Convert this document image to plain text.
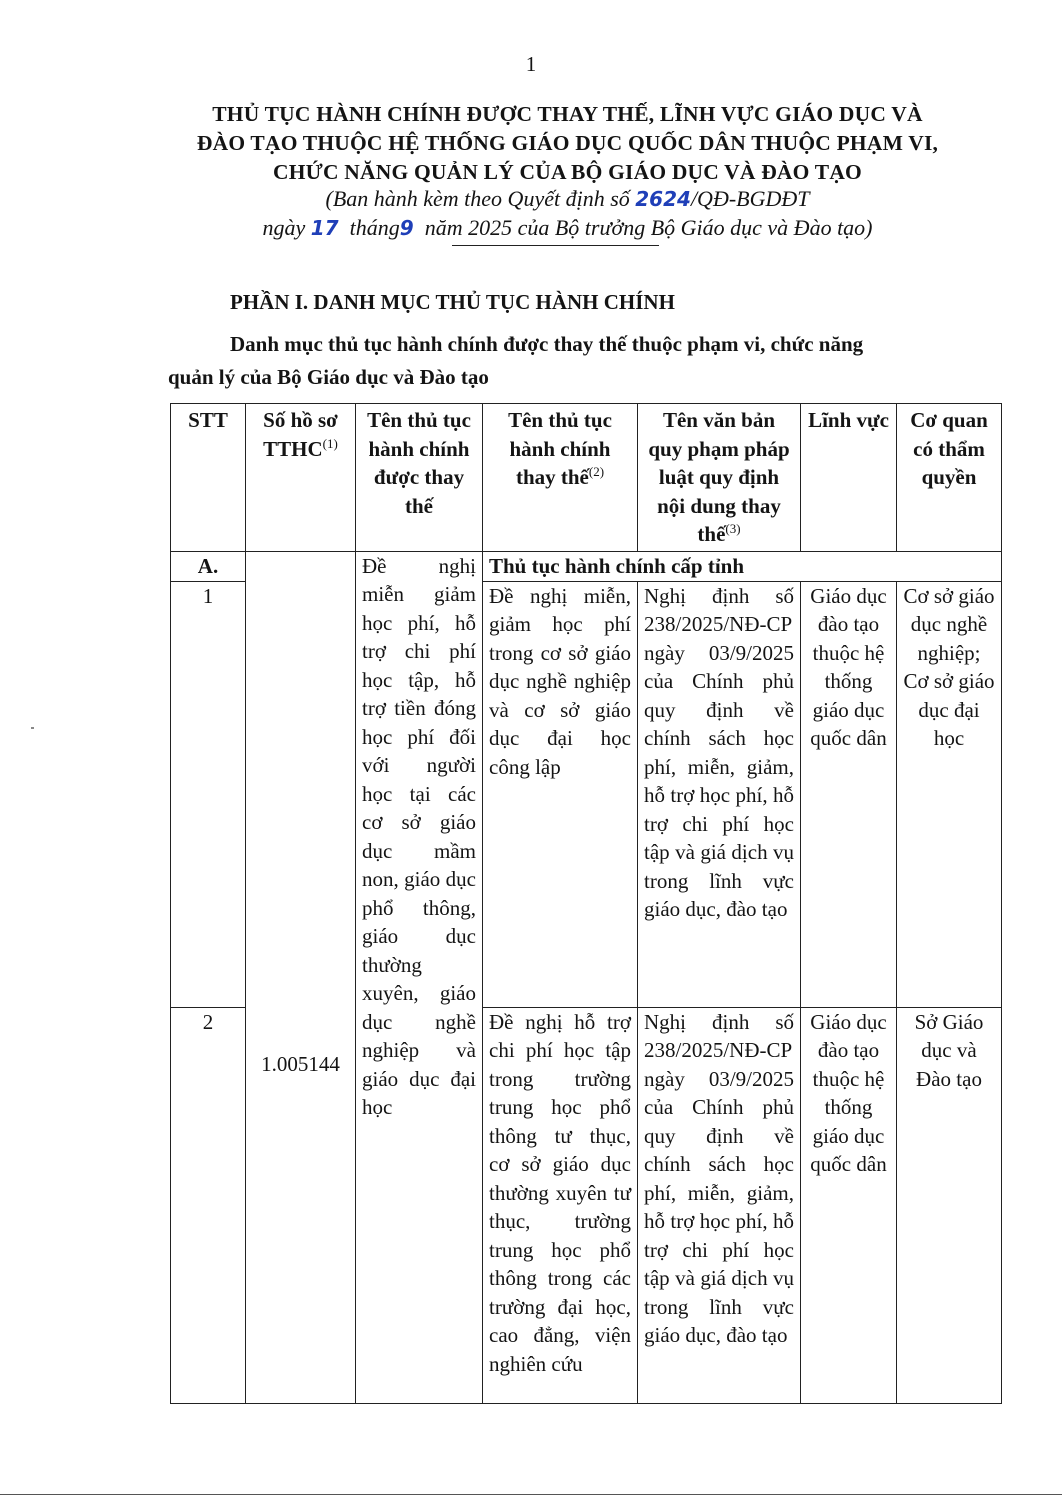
1
THỦ TỤC HÀNH CHÍNH ĐƯỢC THAY THẾ, LĨNH VỰC GIÁO DỤC VÀ
ĐÀO TẠO THUỘC HỆ THỐNG GIÁO DỤC QUỐC DÂN THUỘC PHẠM VI,
CHỨC NĂNG QUẢN LÝ CỦA BỘ GIÁO DỤC VÀ ĐÀO TẠO
(Ban hành kèm theo Quyết định số 2624/QĐ-BGDĐT
ngày 17 tháng9 năm 2025 của Bộ trưởng Bộ Giáo dục và Đào tạo)
PHẦN I. DANH MỤC THỦ TỤC HÀNH CHÍNH
Danh mục thủ tục hành chính được thay thế thuộc phạm vi, chức năng
quản lý của Bộ Giáo dục và Đào tạo
STT	Số hồ sơ TTHC$^{(1)}$	Tên thủ tục hành chính được thay thế	Tên thủ tục hành chính thay thế$^{(2)}$	Tên văn bản quy phạm pháp luật quy định nội dung thay thế$^{(3)}$	Lĩnh vực	Cơ quan có thẩm quyền
A.	1.005144	Đề nghị miễn giảm học phí, hỗ trợ chi phí học tập, hỗ trợ tiền đóng học phí đối với người học tại các cơ sở giáo dục mầm non, giáo dục phổ thông, giáo dục thường xuyên, giáo dục nghề nghiệp và giáo dục đại học	Thủ tục hành chính cấp tỉnh			
1			Đề nghị miễn, giảm học phí trong cơ sở giáo dục nghề nghiệp và cơ sở giáo dục đại học công lập	Nghị định số 238/2025/NĐ-CP ngày 03/9/2025 của Chính phủ quy định về chính sách học phí, miễn, giảm, hỗ trợ học phí, hỗ trợ chi phí học tập và giá dịch vụ trong lĩnh vực giáo dục, đào tạo	Giáo dục đào tạo thuộc hệ thống giáo dục quốc dân	Cơ sở giáo dục nghề nghiệp; Cơ sở giáo dục đại học
2			Đề nghị hỗ trợ chi phí học tập trong trường trung học phổ thông tư thục, cơ sở giáo dục thường xuyên tư thục, trường trung học phổ thông trong các trường đại học, cao đẳng, viện nghiên cứu	Nghị định số 238/2025/NĐ-CP ngày 03/9/2025 của Chính phủ quy định về chính sách học phí, miễn, giảm, hỗ trợ học phí, hỗ trợ chi phí học tập và giá dịch vụ trong lĩnh vực giáo dục, đào tạo	Giáo dục đào tạo thuộc hệ thống giáo dục quốc dân	Sở Giáo dục và Đào tạo
